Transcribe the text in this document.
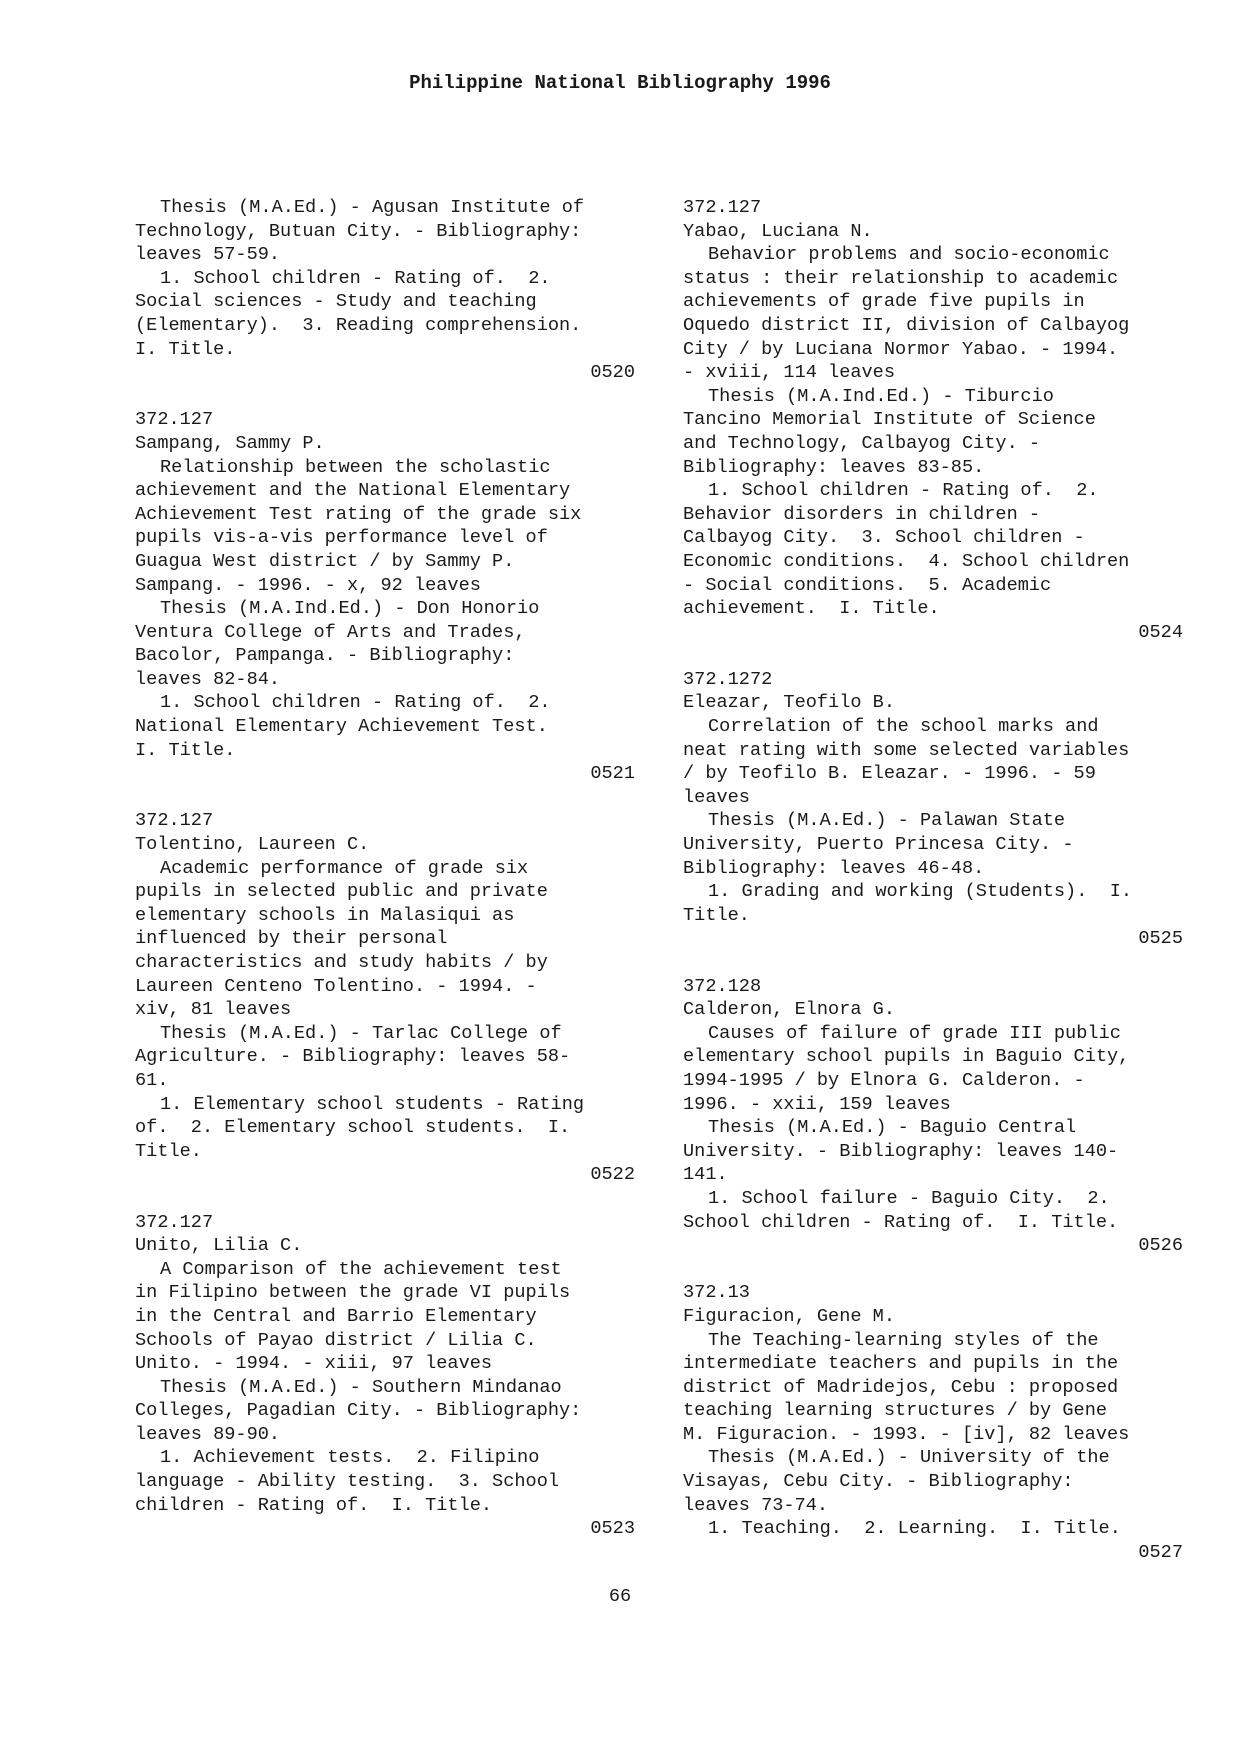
Philippine National Bibliography 1996
Thesis (M.A.Ed.) - Agusan Institute of
Technology, Butuan City. - Bibliography:
leaves 57-59.
1. School children - Rating of.  2.
Social sciences - Study and teaching
(Elementary).  3. Reading comprehension.
I. Title.
0520
372.127
Sampang, Sammy P.
Relationship between the scholastic
achievement and the National Elementary
Achievement Test rating of the grade six
pupils vis-a-vis performance level of
Guagua West district / by Sammy P.
Sampang. - 1996. - x, 92 leaves
Thesis (M.A.Ind.Ed.) - Don Honorio
Ventura College of Arts and Trades,
Bacolor, Pampanga. - Bibliography:
leaves 82-84.
1. School children - Rating of.  2.
National Elementary Achievement Test.
I. Title.
0521
372.127
Tolentino, Laureen C.
Academic performance of grade six
pupils in selected public and private
elementary schools in Malasiqui as
influenced by their personal
characteristics and study habits / by
Laureen Centeno Tolentino. - 1994. -
xiv, 81 leaves
Thesis (M.A.Ed.) - Tarlac College of
Agriculture. - Bibliography: leaves 58-
61.
1. Elementary school students - Rating
of.  2. Elementary school students.  I.
Title.
0522
372.127
Unito, Lilia C.
A Comparison of the achievement test
in Filipino between the grade VI pupils
in the Central and Barrio Elementary
Schools of Payao district / Lilia C.
Unito. - 1994. - xiii, 97 leaves
Thesis (M.A.Ed.) - Southern Mindanao
Colleges, Pagadian City. - Bibliography:
leaves 89-90.
1. Achievement tests.  2. Filipino
language - Ability testing.  3. School
children - Rating of.  I. Title.
0523
372.127
Yabao, Luciana N.
Behavior problems and socio-economic
status : their relationship to academic
achievements of grade five pupils in
Oquedo district II, division of Calbayog
City / by Luciana Normor Yabao. - 1994.
- xviii, 114 leaves
Thesis (M.A.Ind.Ed.) - Tiburcio
Tancino Memorial Institute of Science
and Technology, Calbayog City. -
Bibliography: leaves 83-85.
1. School children - Rating of.  2.
Behavior disorders in children -
Calbayog City.  3. School children -
Economic conditions.  4. School children
- Social conditions.  5. Academic
achievement.  I. Title.
0524
372.1272
Eleazar, Teofilo B.
Correlation of the school marks and
neat rating with some selected variables
/ by Teofilo B. Eleazar. - 1996. - 59
leaves
Thesis (M.A.Ed.) - Palawan State
University, Puerto Princesa City. -
Bibliography: leaves 46-48.
1. Grading and working (Students).  I.
Title.
0525
372.128
Calderon, Elnora G.
Causes of failure of grade III public
elementary school pupils in Baguio City,
1994-1995 / by Elnora G. Calderon. -
1996. - xxii, 159 leaves
Thesis (M.A.Ed.) - Baguio Central
University. - Bibliography: leaves 140-
141.
1. School failure - Baguio City.  2.
School children - Rating of.  I. Title.
0526
372.13
Figuracion, Gene M.
The Teaching-learning styles of the
intermediate teachers and pupils in the
district of Madridejos, Cebu : proposed
teaching learning structures / by Gene
M. Figuracion. - 1993. - [iv], 82 leaves
Thesis (M.A.Ed.) - University of the
Visayas, Cebu City. - Bibliography:
leaves 73-74.
1. Teaching.  2. Learning.  I. Title.
0527
66
